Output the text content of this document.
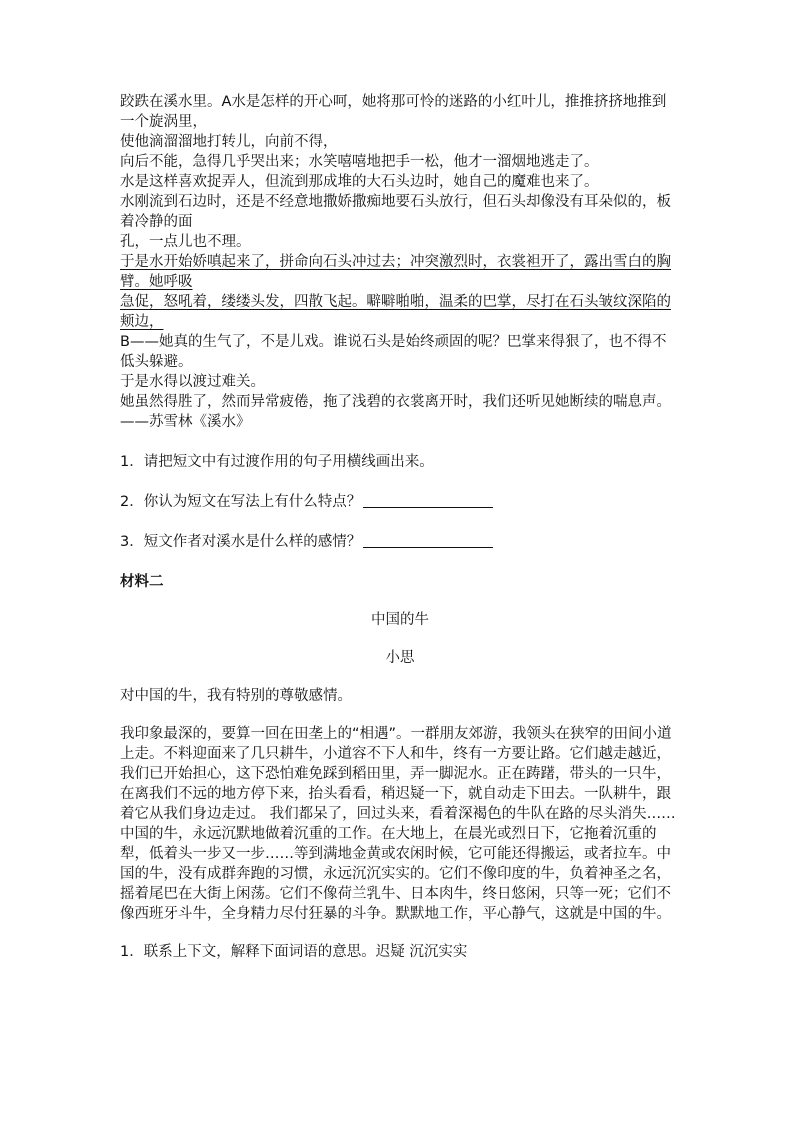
跤跌在溪水里。A水是怎样的开心呵，她将那可怜的迷路的小红叶儿，推推挤挤地推到一个旋涡里，

使他滴溜溜地打转儿，向前不得，

向后不能，急得几乎哭出来；水笑嘻嘻地把手一松，他才一溜烟地逃走了。

水是这样喜欢捉弄人，但流到那成堆的大石头边时，她自己的魔难也来了。

水刚流到石边时，还是不经意地撒娇撒痴地要石头放行，但石头却像没有耳朵似的，板着冷静的面

孔，一点儿也不理。

于是水开始娇嗔起来了，拼命向石头冲过去；冲突激烈时，衣裳袒开了，露出雪白的胸臂。她呼吸

急促，怒吼着，缕缕头发，四散飞起。噼噼啪啪，温柔的巴掌，尽打在石头皱纹深陷的颊边，

B——她真的生气了，不是儿戏。谁说石头是始终顽固的呢？巴掌来得狠了，也不得不低头躲避。

于是水得以渡过难关。

她虽然得胜了，然而异常疲倦，拖了浅碧的衣裳离开时，我们还听见她断续的喘息声。

——苏雪林《溪水》

1．请把短文中有过渡作用的句子用横线画出来。

2．你认为短文在写法上有什么特点？

3．短文作者对溪水是什么样的感情？

材料二

中国的牛

小思

对中国的牛，我有特别的尊敬感情。

我印象最深的，要算一回在田垄上的“相遇”。一群朋友郊游，我领头在狭窄的田间小道上走。不料迎面来了几只耕牛，小道容不下人和牛，终有一方要让路。它们越走越近，我们已开始担心，这下恐怕难免踩到稻田里，弄一脚泥水。正在踌躇，带头的一只牛，在离我们不远的地方停下来，抬头看看，稍迟疑一下，就自动走下田去。一队耕牛，跟着它从我们身边走过。 我们都呆了，回过头来，看着深褐色的牛队在路的尽头消失…… 中国的牛，永远沉默地做着沉重的工作。在大地上，在晨光或烈日下，它拖着沉重的犁，低着头一步又一步……等到满地金黄或农闲时候，它可能还得搬运，或者拉车。中国的牛，没有成群奔跑的习惯，永远沉沉实实的。它们不像印度的牛，负着神圣之名，摇着尾巴在大街上闲荡。它们不像荷兰乳牛、日本肉牛，终日悠闲，只等一死；它们不像西班牙斗牛，全身精力尽付狂暴的斗争。默默地工作，平心静气，这就是中国的牛。

1．联系上下文，解释下面词语的意思。迟疑 沉沉实实
